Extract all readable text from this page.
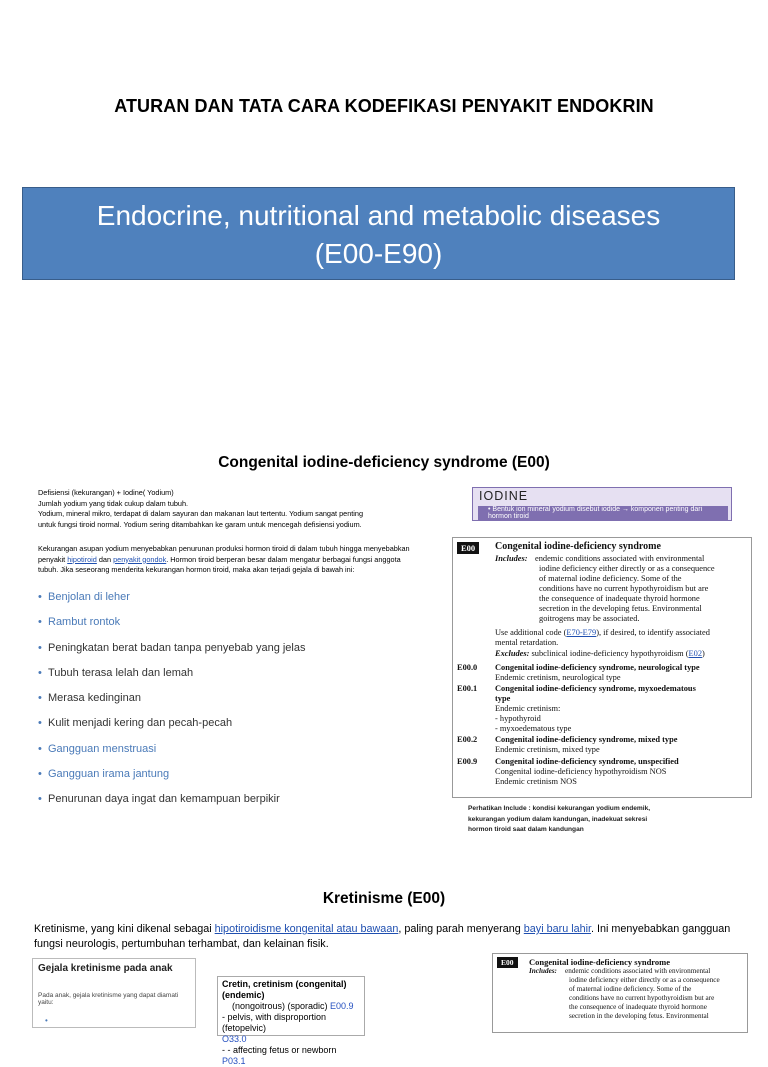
ATURAN DAN TATA CARA KODEFIKASI PENYAKIT ENDOKRIN
Endocrine, nutritional and metabolic diseases
(E00-E90)
Congenital iodine-deficiency syndrome (E00)
Defisiensi (kekurangan) + Iodine( Yodium)
Jumlah yodium yang tidak cukup dalam tubuh.
Yodium, mineral mikro, terdapat di dalam sayuran dan makanan laut tertentu. Yodium sangat penting
untuk fungsi tiroid normal. Yodium sering ditambahkan ke garam untuk mencegah defisiensi yodium.
Kekurangan asupan yodium menyebabkan penurunan produksi hormon tiroid di dalam tubuh hingga menyebabkan penyakit hipotiroid dan penyakit gondok. Hormon tiroid berperan besar dalam mengatur berbagai fungsi anggota tubuh. Jika seseorang menderita kekurangan hormon tiroid, maka akan terjadi gejala di bawah ini:
• Benjolan di leher
• Rambut rontok
• Peningkatan berat badan tanpa penyebab yang jelas
• Tubuh terasa lelah dan lemah
• Merasa kedinginan
• Kulit menjadi kering dan pecah-pecah
• Gangguan menstruasi
• Gangguan irama jantung
• Penurunan daya ingat dan kemampuan berpikir
IODINE
• Bentuk ion mineral yodium disebut iodide → komponen penting dari hormon tiroid
E00	Congenital iodine-deficiency syndrome
Includes: endemic conditions associated with environmental
iodine deficiency either directly or as a consequence
of maternal iodine deficiency. Some of the
conditions have no current hypothyroidism but are
the consequence of inadequate thyroid hormone
secretion in the developing fetus. Environmental
goitrogens may be associated.
Use additional code (E70-E79), if desired, to identify associated
mental retardation.
Excludes: subclinical iodine-deficiency hypothyroidism (E02)
E00.0 Congenital iodine-deficiency syndrome, neurological type
Endemic cretinism, neurological type
E00.1 Congenital iodine-deficiency syndrome, myxoedematous
type
Endemic cretinism:
- hypothyroid
- myxoedematous type
E00.2 Congenital iodine-deficiency syndrome, mixed type
Endemic cretinism, mixed type
E00.9 Congenital iodine-deficiency syndrome, unspecified
Congenital iodine-deficiency hypothyroidism NOS
Endemic cretinism NOS
Perhatikan Include : kondisi kekurangan yodium endemik,
kekurangan yodium dalam kandungan, inadekuat sekresi
hormon tiroid saat dalam kandungan
Kretinisme (E00)
Kretinisme, yang kini dikenal sebagai hipotiroidisme kongenital atau bawaan, paling parah menyerang bayi baru lahir. Ini menyebabkan gangguan fungsi neurologis, pertumbuhan terhambat, dan kelainan fisik.
Gejala kretinisme pada anak
Pada anak, gejala kretinisme yang dapat diamati yaitu:
•
Cretin, cretinism (congenital) (endemic)
(nongoitrous) (sporadic) E00.9
- pelvis, with disproportion (fetopelvic)
O33.0
- - affecting fetus or newborn P03.1
E00	Congenital iodine-deficiency syndrome
Includes: endemic conditions associated with environmental
iodine deficiency either directly or as a consequence
of maternal iodine deficiency. Some of the
conditions have no current hypothyroidism but are
the consequence of inadequate thyroid hormone
secretion in the developing fetus. Environmental
